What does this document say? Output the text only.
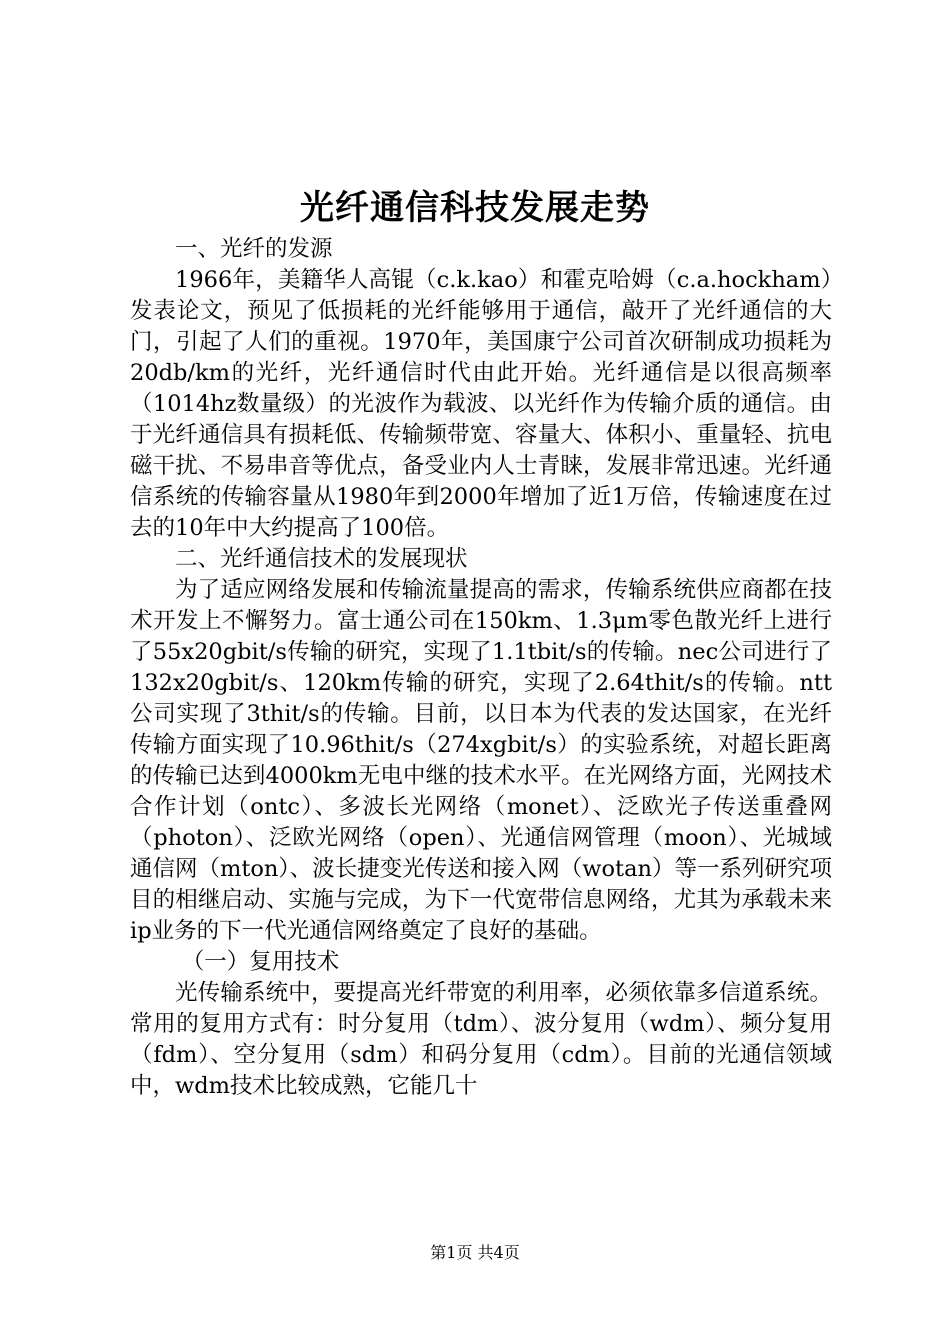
光纤通信科技发展走势

一、光纤的发源

1966年，美籍华人高锟（c.k.kao）和霍克哈姆（c.a.hockham）发表论文，预见了低损耗的光纤能够用于通信，敲开了光纤通信的大门，引起了人们的重视。1970年，美国康宁公司首次研制成功损耗为20db/km的光纤，光纤通信时代由此开始。光纤通信是以很高频率（1014hz数量级）的光波作为载波、以光纤作为传输介质的通信。由于光纤通信具有损耗低、传输频带宽、容量大、体积小、重量轻、抗电磁干扰、不易串音等优点，备受业内人士青睐，发展非常迅速。光纤通信系统的传输容量从1980年到2000年增加了近1万倍，传输速度在过去的10年中大约提高了100倍。

二、光纤通信技术的发展现状

为了适应网络发展和传输流量提高的需求，传输系统供应商都在技术开发上不懈努力。富士通公司在150km、1.3μm零色散光纤上进行了55x20gbit/s传输的研究，实现了1.1tbit/s的传输。nec公司进行了132x20gbit/s、120km传输的研究，实现了2.64thit/s的传输。ntt公司实现了3thit/s的传输。目前，以日本为代表的发达国家，在光纤传输方面实现了10.96thit/s（274xgbit/s）的实验系统，对超长距离的传输已达到4000km无电中继的技术水平。在光网络方面，光网技术合作计划（ontc）、多波长光网络（monet）、泛欧光子传送重叠网（photon）、泛欧光网络（open）、光通信网管理（moon）、光城域通信网（mton）、波长捷变光传送和接入网（wotan）等一系列研究项目的相继启动、实施与完成，为下一代宽带信息网络，尤其为承载未来ip业务的下一代光通信网络奠定了良好的基础。

（一）复用技术

光传输系统中，要提高光纤带宽的利用率，必须依靠多信道系统。常用的复用方式有：时分复用（tdm）、波分复用（wdm）、频分复用（fdm）、空分复用（sdm）和码分复用（cdm）。目前的光通信领域中，wdm技术比较成熟，它能几十

第1页 共4页
